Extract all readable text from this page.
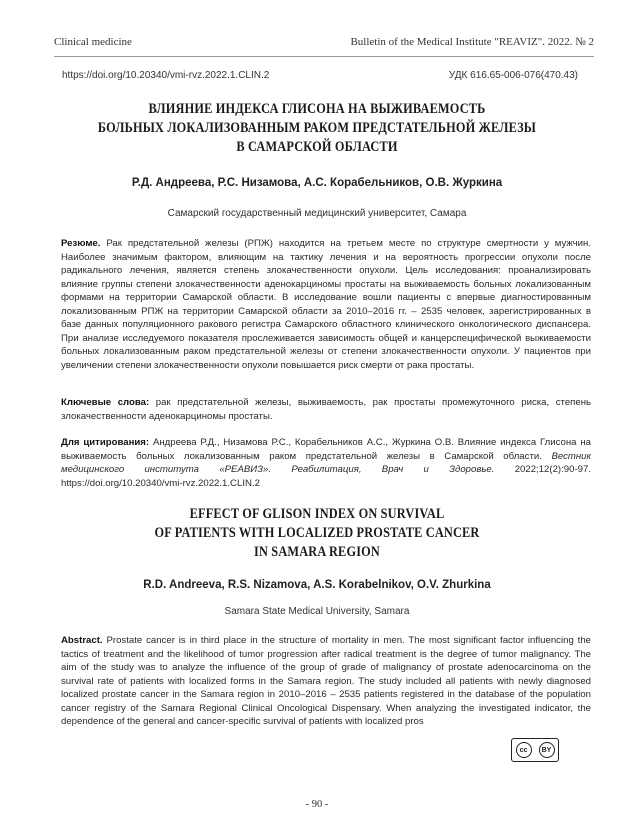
Clinical medicine	Bulletin of the Medical Institute "REAVIZ". 2022. № 2
https://doi.org/10.20340/vmi-rvz.2022.1.CLIN.2	УДК 616.65-006-076(470.43)
ВЛИЯНИЕ ИНДЕКСА ГЛИСОНА НА ВЫЖИВАЕМОСТЬ
БОЛЬНЫХ ЛОКАЛИЗОВАННЫМ РАКОМ ПРЕДСТАТЕЛЬНОЙ ЖЕЛЕЗЫ
В САМАРСКОЙ ОБЛАСТИ
Р.Д. Андреева, Р.С. Низамова, А.С. Корабельников, О.В. Журкина
Самарский государственный медицинский университет, Самара
Резюме. Рак предстательной железы (РПЖ) находится на третьем месте по структуре смертности у мужчин. Наиболее значимым фактором, влияющим на тактику лечения и на вероятность прогрессии опухоли после радикального лечения, является степень злокачественности опухоли. Цель исследования: проанализировать влияние группы степени злокачественности аденокарциномы простаты на выживаемость больных локализованным формами на территории Самарской области. В исследование вошли пациенты с впервые диагностированным локализованным РПЖ на территории Самарской области за 2010–2016 гг. – 2535 человек, зарегистрированных в базе данных популяционного ракового регистра Самарского областного клинического онкологического диспансера. При анализе исследуемого показателя прослеживается зависимость общей и канцерспецифической выживаемости больных локализованным раком предстательной железы от степени злокачественности опухоли. У пациентов при увеличении степени злокачественности опухоли повышается риск смерти от рака простаты.
Ключевые слова: рак предстательной железы, выживаемость, рак простаты промежуточного риска, степень злокачественности аденокарциномы простаты.
Для цитирования: Андреева Р.Д., Низамова Р.С., Корабельников А.С., Журкина О.В. Влияние индекса Глисона на выживаемость больных локализованным раком предстательной железы в Самарской области. Вестник медицинского института «РЕАВИЗ». Реабилитация, Врач и Здоровье. 2022;12(2):90-97. https://doi.org/10.20340/vmi-rvz.2022.1.CLIN.2
EFFECT OF GLISON INDEX ON SURVIVAL
OF PATIENTS WITH LOCALIZED PROSTATE CANCER
IN SAMARA REGION
R.D. Andreeva, R.S. Nizamova, A.S. Korabelnikov, O.V. Zhurkina
Samara State Medical University, Samara
Abstract. Prostate cancer is in third place in the structure of mortality in men. The most significant factor influencing the tactics of treatment and the likelihood of tumor progression after radical treatment is the degree of tumor malignancy. The aim of the study was to analyze the influence of the group of grade of malignancy of prostate adenocarcinoma on the survival rate of patients with localized forms in the Samara region. The study included all patients with newly diagnosed localized prostate cancer in the Samara region in 2010–2016 – 2535 patients registered in the database of the population cancer registry of the Samara Regional Clinical Oncological Dispensary. When analyzing the investigated indicator, the dependence of the general and cancer-specific survival of patients with localized pros
cc	BY
- 90 -
